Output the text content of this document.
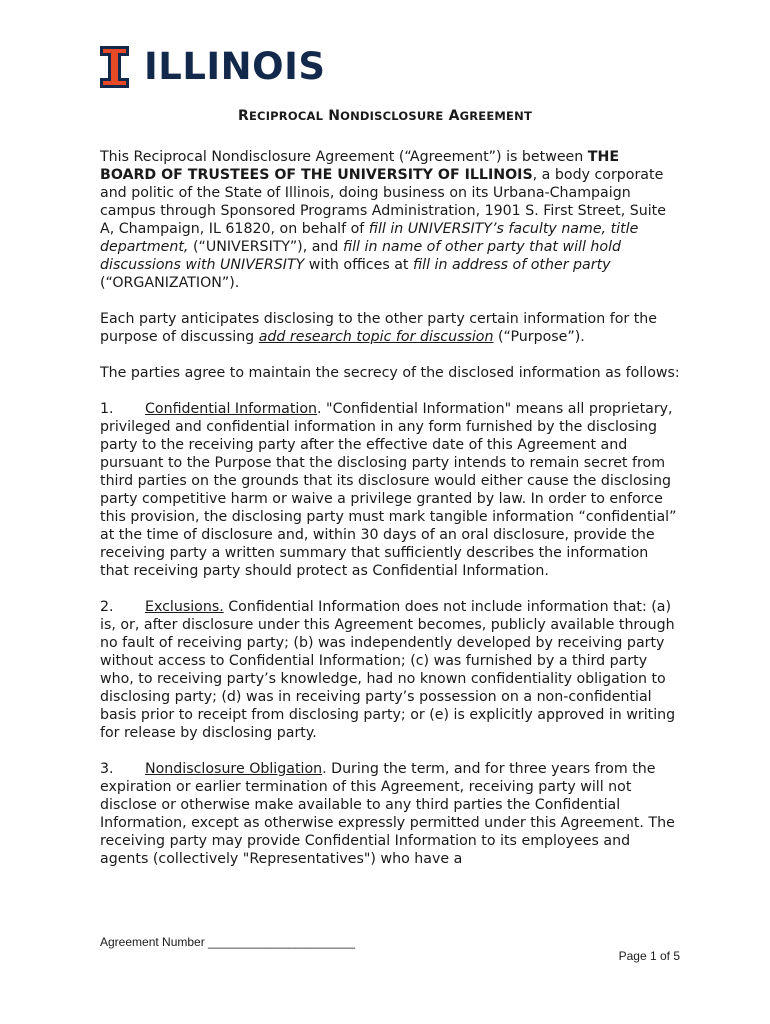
ILLINOIS
RECIPROCAL NONDISCLOSURE AGREEMENT

This Reciprocal Nondisclosure Agreement (“Agreement”) is between THE BOARD OF TRUSTEES OF THE UNIVERSITY OF ILLINOIS, a body corporate and politic of the State of Illinois, doing business on its Urbana-Champaign campus through Sponsored Programs Administration, 1901 S. First Street, Suite A, Champaign, IL 61820, on behalf of fill in UNIVERSITY’s faculty name, title department, (“UNIVERSITY”), and fill in name of other party that will hold discussions with UNIVERSITY with offices at fill in address of other party (“ORGANIZATION”).

Each party anticipates disclosing to the other party certain information for the purpose of discussing add research topic for discussion (“Purpose”).

The parties agree to maintain the secrecy of the disclosed information as follows:

1. Confidential Information. "Confidential Information" means all proprietary, privileged and confidential information in any form furnished by the disclosing party to the receiving party after the effective date of this Agreement and pursuant to the Purpose that the disclosing party intends to remain secret from third parties on the grounds that its disclosure would either cause the disclosing party competitive harm or waive a privilege granted by law. In order to enforce this provision, the disclosing party must mark tangible information “confidential” at the time of disclosure and, within 30 days of an oral disclosure, provide the receiving party a written summary that sufficiently describes the information that receiving party should protect as Confidential Information.

2. Exclusions. Confidential Information does not include information that: (a) is, or, after disclosure under this Agreement becomes, publicly available through no fault of receiving party; (b) was independently developed by receiving party without access to Confidential Information; (c) was furnished by a third party who, to receiving party’s knowledge, had no known confidentiality obligation to disclosing party; (d) was in receiving party’s possession on a non-confidential basis prior to receipt from disclosing party; or (e) is explicitly approved in writing for release by disclosing party.

3. Nondisclosure Obligation. During the term, and for three years from the expiration or earlier termination of this Agreement, receiving party will not disclose or otherwise make available to any third parties the Confidential Information, except as otherwise expressly permitted under this Agreement. The receiving party may provide Confidential Information to its employees and agents (collectively "Representatives") who have a

Agreement Number ______________________
Page 1 of 5
